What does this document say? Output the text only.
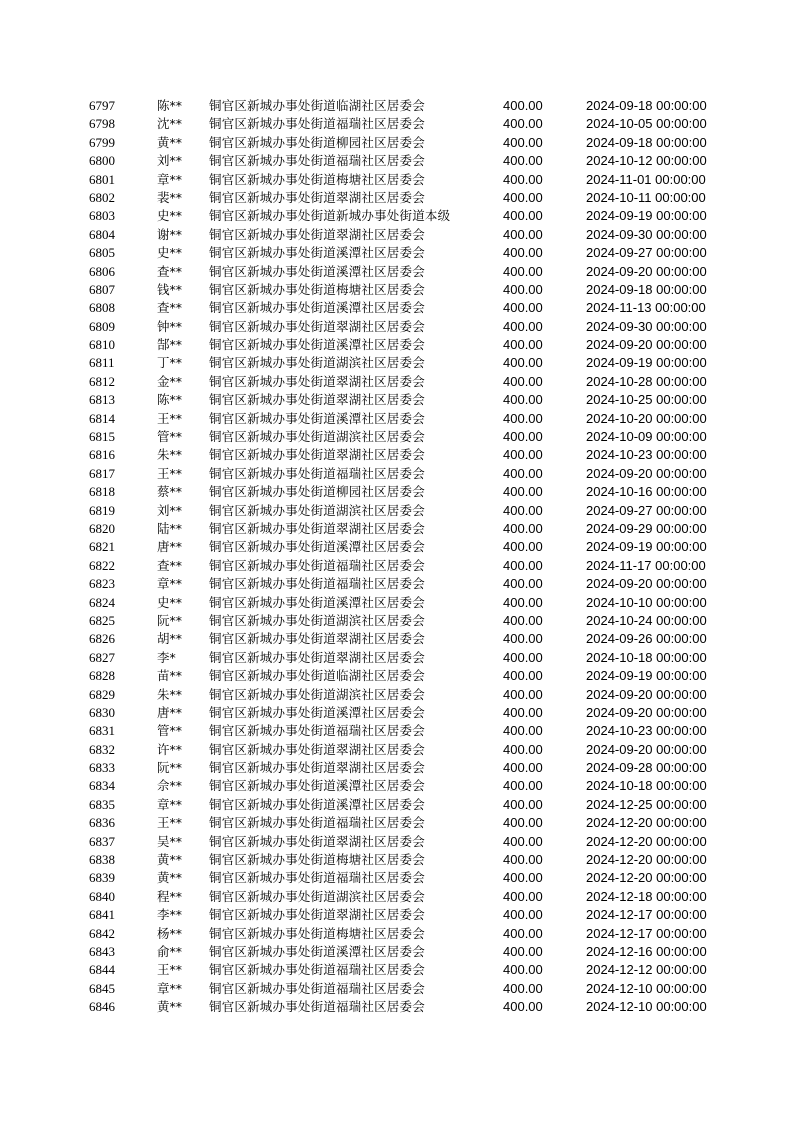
6797	陈** 铜官区新城办事处街道临湖社区居委会	400.00	2024-09-18 00:00:00
6798	沈** 铜官区新城办事处街道福瑞社区居委会	400.00	2024-10-05 00:00:00
6799	黄** 铜官区新城办事处街道柳园社区居委会	400.00	2024-09-18 00:00:00
6800	刘** 铜官区新城办事处街道福瑞社区居委会	400.00	2024-10-12 00:00:00
6801	章** 铜官区新城办事处街道梅塘社区居委会	400.00	2024-11-01 00:00:00
6802	裴** 铜官区新城办事处街道翠湖社区居委会	400.00	2024-10-11 00:00:00
6803	史** 铜官区新城办事处街道新城办事处街道本级	400.00	2024-09-19 00:00:00
6804	谢** 铜官区新城办事处街道翠湖社区居委会	400.00	2024-09-30 00:00:00
6805	史** 铜官区新城办事处街道溪潭社区居委会	400.00	2024-09-27 00:00:00
6806	查** 铜官区新城办事处街道溪潭社区居委会	400.00	2024-09-20 00:00:00
6807	钱** 铜官区新城办事处街道梅塘社区居委会	400.00	2024-09-18 00:00:00
6808	查** 铜官区新城办事处街道溪潭社区居委会	400.00	2024-11-13 00:00:00
6809	钟** 铜官区新城办事处街道翠湖社区居委会	400.00	2024-09-30 00:00:00
6810	郜** 铜官区新城办事处街道溪潭社区居委会	400.00	2024-09-20 00:00:00
6811	丁** 铜官区新城办事处街道湖滨社区居委会	400.00	2024-09-19 00:00:00
6812	金** 铜官区新城办事处街道翠湖社区居委会	400.00	2024-10-28 00:00:00
6813	陈** 铜官区新城办事处街道翠湖社区居委会	400.00	2024-10-25 00:00:00
6814	王** 铜官区新城办事处街道溪潭社区居委会	400.00	2024-10-20 00:00:00
6815	管** 铜官区新城办事处街道湖滨社区居委会	400.00	2024-10-09 00:00:00
6816	朱** 铜官区新城办事处街道翠湖社区居委会	400.00	2024-10-23 00:00:00
6817	王** 铜官区新城办事处街道福瑞社区居委会	400.00	2024-09-20 00:00:00
6818	蔡** 铜官区新城办事处街道柳园社区居委会	400.00	2024-10-16 00:00:00
6819	刘** 铜官区新城办事处街道湖滨社区居委会	400.00	2024-09-27 00:00:00
6820	陆** 铜官区新城办事处街道翠湖社区居委会	400.00	2024-09-29 00:00:00
6821	唐** 铜官区新城办事处街道溪潭社区居委会	400.00	2024-09-19 00:00:00
6822	查** 铜官区新城办事处街道福瑞社区居委会	400.00	2024-11-17 00:00:00
6823	章** 铜官区新城办事处街道福瑞社区居委会	400.00	2024-09-20 00:00:00
6824	史** 铜官区新城办事处街道溪潭社区居委会	400.00	2024-10-10 00:00:00
6825	阮** 铜官区新城办事处街道湖滨社区居委会	400.00	2024-10-24 00:00:00
6826	胡** 铜官区新城办事处街道翠湖社区居委会	400.00	2024-09-26 00:00:00
6827	李*	铜官区新城办事处街道翠湖社区居委会	400.00	2024-10-18 00:00:00
6828	苗** 铜官区新城办事处街道临湖社区居委会	400.00	2024-09-19 00:00:00
6829	朱** 铜官区新城办事处街道湖滨社区居委会	400.00	2024-09-20 00:00:00
6830	唐** 铜官区新城办事处街道溪潭社区居委会	400.00	2024-09-20 00:00:00
6831	管** 铜官区新城办事处街道福瑞社区居委会	400.00	2024-10-23 00:00:00
6832	许** 铜官区新城办事处街道翠湖社区居委会	400.00	2024-09-20 00:00:00
6833	阮** 铜官区新城办事处街道翠湖社区居委会	400.00	2024-09-28 00:00:00
6834	佘** 铜官区新城办事处街道溪潭社区居委会	400.00	2024-10-18 00:00:00
6835	章** 铜官区新城办事处街道溪潭社区居委会	400.00	2024-12-25 00:00:00
6836	王** 铜官区新城办事处街道福瑞社区居委会	400.00	2024-12-20 00:00:00
6837	吴** 铜官区新城办事处街道翠湖社区居委会	400.00	2024-12-20 00:00:00
6838	黄** 铜官区新城办事处街道梅塘社区居委会	400.00	2024-12-20 00:00:00
6839	黄** 铜官区新城办事处街道福瑞社区居委会	400.00	2024-12-20 00:00:00
6840	程** 铜官区新城办事处街道湖滨社区居委会	400.00	2024-12-18 00:00:00
6841	李** 铜官区新城办事处街道翠湖社区居委会	400.00	2024-12-17 00:00:00
6842	杨** 铜官区新城办事处街道梅塘社区居委会	400.00	2024-12-17 00:00:00
6843	俞** 铜官区新城办事处街道溪潭社区居委会	400.00	2024-12-16 00:00:00
6844	王** 铜官区新城办事处街道福瑞社区居委会	400.00	2024-12-12 00:00:00
6845	章** 铜官区新城办事处街道福瑞社区居委会	400.00	2024-12-10 00:00:00
6846	黄** 铜官区新城办事处街道福瑞社区居委会	400.00	2024-12-10 00:00:00
